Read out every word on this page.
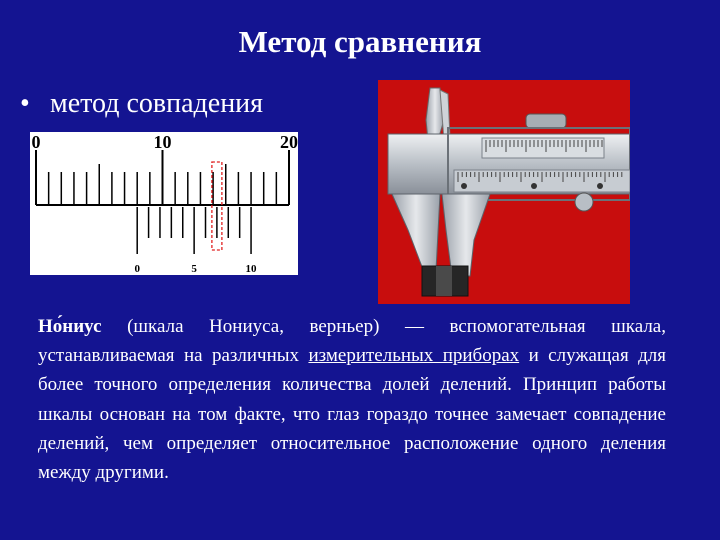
Метод сравнения
• метод совпадения
0	10	20
0	5	10
Но́ниус (шкала Нониуса, верньер) — вспомогательная шкала, устанавливаемая на различных измерительных приборах и служащая для более точного определения количества долей делений. Принцип работы шкалы основан на том факте, что глаз гораздо точнее замечает совпадение делений, чем определяет относительное расположение одного деления между другими.
